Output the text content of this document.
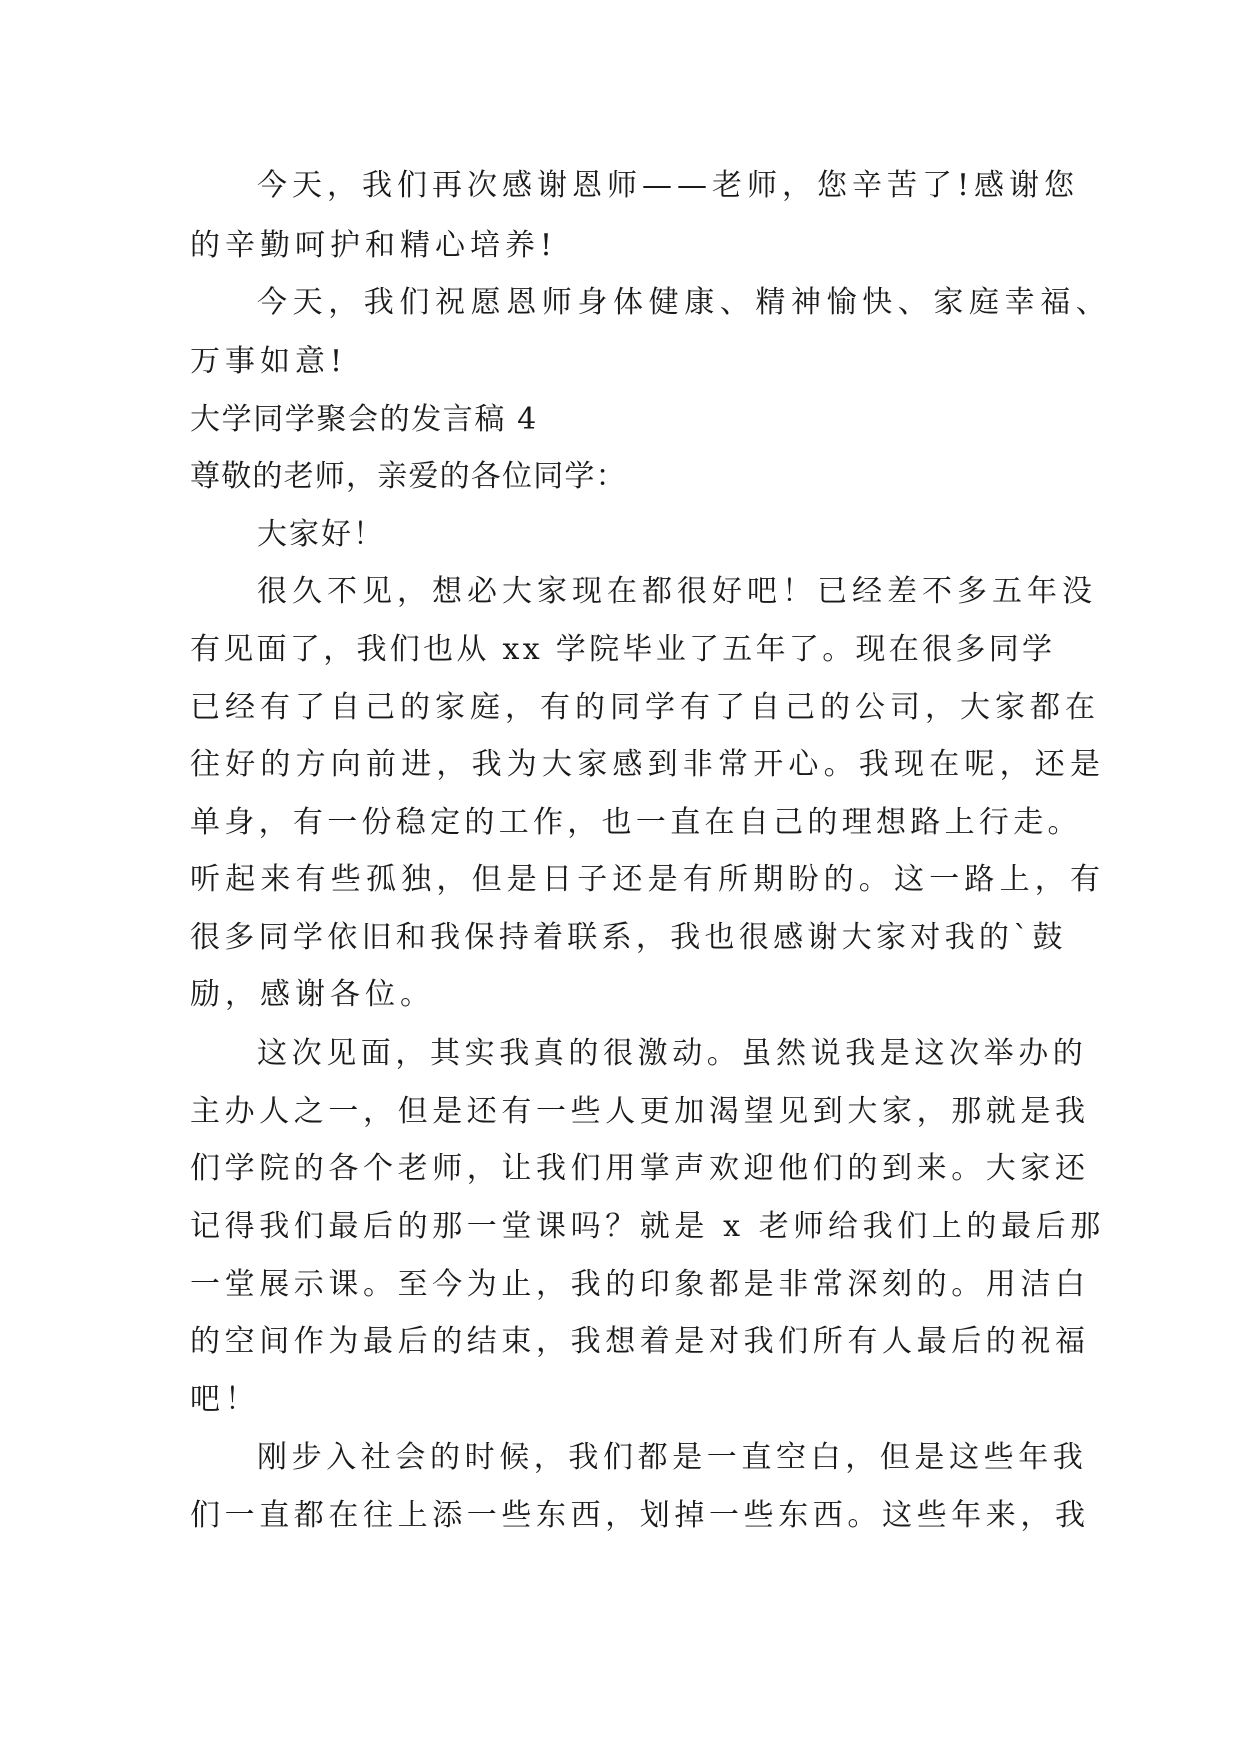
今天，我们再次感谢恩师——老师，您辛苦了!感谢您

的辛勤呵护和精心培养!

今天，我们祝愿恩师身体健康、精神愉快、家庭幸福、

万事如意!

大学同学聚会的发言稿 4

尊敬的老师，亲爱的各位同学：

大家好！

很久不见，想必大家现在都很好吧！已经差不多五年没

有见面了，我们也从 xx 学院毕业了五年了。现在很多同学

已经有了自己的家庭，有的同学有了自己的公司，大家都在

往好的方向前进，我为大家感到非常开心。我现在呢，还是

单身，有一份稳定的工作，也一直在自己的理想路上行走。

听起来有些孤独，但是日子还是有所期盼的。这一路上，有

很多同学依旧和我保持着联系，我也很感谢大家对我的`鼓

励，感谢各位。

这次见面，其实我真的很激动。虽然说我是这次举办的

主办人之一，但是还有一些人更加渴望见到大家，那就是我

们学院的各个老师，让我们用掌声欢迎他们的到来。大家还

记得我们最后的那一堂课吗？就是 x 老师给我们上的最后那

一堂展示课。至今为止，我的印象都是非常深刻的。用洁白

的空间作为最后的结束，我想着是对我们所有人最后的祝福

吧！

刚步入社会的时候，我们都是一直空白，但是这些年我

们一直都在往上添一些东西，划掉一些东西。这些年来，我
